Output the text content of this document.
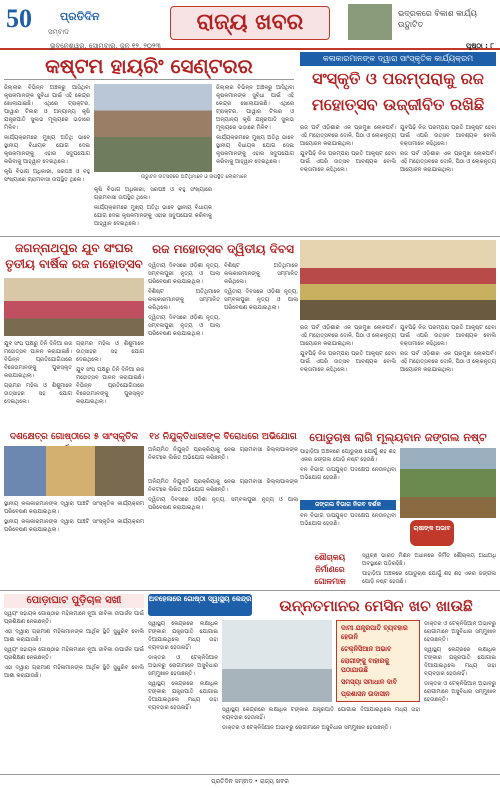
50	ପ୍ରତିଦିନ
ସମ୍ବାଦ	ରାଜ୍ୟ ଖବର	ଭଦ୍ରକରେ ବିକାଶ କାର୍ଯ୍ୟ ଉଦ୍ଘାଟିତ
ଭୁବନେଶ୍ୱର, ସୋମବାର, ଜୁନ ୧୨, ୨୦୨୩	ପୃଷ୍ଠା : ୮
କଷ୍ଟମ ହାୟରିଂ ସେଣ୍ଟରର

ଜିଲ୍ଲାର ବିଭିନ୍ନ ଅଞ୍ଚଳରୁ ଆସିଥିବା କୃଷକମାନଙ୍କ ସୁବିଧା ପାଇଁ ଏହି କେନ୍ଦ୍ର ଖୋଲାଯାଇଛି। ଏଥିରେ ଟ୍ରାକ୍ଟର, ପାୱାର ଟିଲର ଓ ଅନ୍ୟାନ୍ୟ କୃଷି ଯନ୍ତ୍ରପାତି ସୁଲଭ ମୂଲ୍ୟରେ ଭଡ଼ାରେ ମିଳିବ।

କାର୍ଯ୍ୟକ୍ରମରେ ମୁଖ୍ୟ ଅତିଥି ଭାବେ ସ୍ଥାନୀୟ ବିଧାୟକ ଯୋଗ ଦେଇ କୃଷକମାନଙ୍କୁ ଏହାର ସଦୁପଯୋଗ କରିବାକୁ ଆହ୍ୱାନ ଦେଇଥିଲେ।

କୃଷି ବିଭାଗ ଅଧିକାରୀ, ସରପଞ୍ଚ ଓ ବହୁ ସଂଖ୍ୟାରେ ଗ୍ରାମବାସୀ ଉପସ୍ଥିତ ଥିଲେ।	ଉଦ୍ଘାଟନ ଉତ୍ସବରେ ଅତିଥିମାନେ ଓ ଉପସ୍ଥିତ ଲୋକମାନେ

ଜିଲ୍ଲାର ବିଭିନ୍ନ ଅଞ୍ଚଳରୁ ଆସିଥିବା କୃଷକମାନଙ୍କ ସୁବିଧା ପାଇଁ ଏହି କେନ୍ଦ୍ର ଖୋଲାଯାଇଛି। ଏଥିରେ ଟ୍ରାକ୍ଟର, ପାୱାର ଟିଲର ଓ ଅନ୍ୟାନ୍ୟ କୃଷି ଯନ୍ତ୍ରପାତି ସୁଲଭ ମୂଲ୍ୟରେ ଭଡ଼ାରେ ମିଳିବ।

କାର୍ଯ୍ୟକ୍ରମରେ ମୁଖ୍ୟ ଅତିଥି ଭାବେ ସ୍ଥାନୀୟ ବିଧାୟକ ଯୋଗ ଦେଇ କୃଷକମାନଙ୍କୁ ଏହାର ସଦୁପଯୋଗ କରିବାକୁ ଆହ୍ୱାନ ଦେଇଥିଲେ।

କୃଷି ବିଭାଗ ଅଧିକାରୀ, ସରପଞ୍ଚ ଓ ବହୁ ସଂଖ୍ୟାରେ ଗ୍ରାମବାସୀ ଉପସ୍ଥିତ ଥିଲେ।

କାର୍ଯ୍ୟକ୍ରମରେ ମୁଖ୍ୟ ଅତିଥି ଭାବେ ସ୍ଥାନୀୟ ବିଧାୟକ ଯୋଗ ଦେଇ କୃଷକମାନଙ୍କୁ ଏହାର ସଦୁପଯୋଗ କରିବାକୁ ଆହ୍ୱାନ ଦେଇଥିଲେ।

କଳାକାରମାନଙ୍କ ଦ୍ୱାରା ସାଂସ୍କୃତିକ କାର୍ଯ୍ୟକ୍ରମ
ସଂସ୍କୃତି ଓ ପରମ୍ପରାକୁ ରଜ ମହୋତ୍ସବ ଉଜ୍ଜୀବିତ ରଖିଛି

ରଜ ପର୍ବ ଓଡ଼ିଶାର ଏକ ପ୍ରମୁଖ ଲୋକପର୍ବ। ଏହି ମହୋତ୍ସବରେ ଦୋଳି, ପିଠା ଓ ଲୋକନୃତ୍ୟ ଆୟୋଜନ କରାଯାଇଥିଲା।

ଯୁବପିଢ଼ି ନିଜ ପରମ୍ପରା ପ୍ରତି ଆକୃଷ୍ଟ ହେବା ପାଇଁ ଏପରି ଉତ୍ସବ ଆବଶ୍ୟକ ବୋଲି ବକ୍ତାମାନେ କହିଥିଲେ।

ଯୁବପିଢ଼ି ନିଜ ପରମ୍ପରା ପ୍ରତି ଆକୃଷ୍ଟ ହେବା ପାଇଁ ଏପରି ଉତ୍ସବ ଆବଶ୍ୟକ ବୋଲି ବକ୍ତାମାନେ କହିଥିଲେ।

ରଜ ପର୍ବ ଓଡ଼ିଶାର ଏକ ପ୍ରମୁଖ ଲୋକପର୍ବ। ଏହି ମହୋତ୍ସବରେ ଦୋଳି, ପିଠା ଓ ଲୋକନୃତ୍ୟ ଆୟୋଜନ କରାଯାଇଥିଲା।

ଜଗନ୍ନାଥପୁର ଯୁବ ସଂଘର ତୃତୀୟ ବାର୍ଷିକ ରଜ ମହୋତ୍ସବ

ଯୁବ ସଂଘ ପକ୍ଷରୁ ତିନି ଦିନିଆ ରଜ ମହୋତ୍ସବ ପାଳନ କରାଯାଇଛି। ବିଭିନ୍ନ ପ୍ରତିଯୋଗିତାରେ ବିଜେତାମାନଙ୍କୁ ପୁରସ୍କୃତ କରାଯାଇଥିଲା।

ଗ୍ରାମର ମହିଳା ଓ ଶିଶୁମାନେ ଉତ୍ସାହର ସହ ଯୋଗ ଦେଇଥିଲେ।

ଗ୍ରାମର ମହିଳା ଓ ଶିଶୁମାନେ ଉତ୍ସାହର ସହ ଯୋଗ ଦେଇଥିଲେ।

ଯୁବ ସଂଘ ପକ୍ଷରୁ ତିନି ଦିନିଆ ରଜ ମହୋତ୍ସବ ପାଳନ କରାଯାଇଛି। ବିଭିନ୍ନ ପ୍ରତିଯୋଗିତାରେ ବିଜେତାମାନଙ୍କୁ ପୁରସ୍କୃତ କରାଯାଇଥିଲା।

ରଜ ମହୋତ୍ସବ ଦ୍ୱିତୀୟ ଦିବସ

ଦ୍ୱିତୀୟ ଦିବସରେ ଓଡ଼ିଶୀ ନୃତ୍ୟ, ସମ୍ବଲପୁରୀ ନୃତ୍ୟ ଓ ପାଲା ପରିବେଷଣ କରାଯାଇଥିଲା।

ବିଶିଷ୍ଟ ଅତିଥିମାନେ କଳାକାରମାନଙ୍କୁ ସମ୍ମାନିତ କରିଥିଲେ।

ଦ୍ୱିତୀୟ ଦିବସରେ ଓଡ଼ିଶୀ ନୃତ୍ୟ, ସମ୍ବଲପୁରୀ ନୃତ୍ୟ ଓ ପାଲା ପରିବେଷଣ କରାଯାଇଥିଲା।

ବିଶିଷ୍ଟ ଅତିଥିମାନେ କଳାକାରମାନଙ୍କୁ ସମ୍ମାନିତ କରିଥିଲେ।

ଦ୍ୱିତୀୟ ଦିବସରେ ଓଡ଼ିଶୀ ନୃତ୍ୟ, ସମ୍ବଲପୁରୀ ନୃତ୍ୟ ଓ ପାଲା ପରିବେଷଣ କରାଯାଇଥିଲା।

ରଜ ପର୍ବ ଓଡ଼ିଶାର ଏକ ପ୍ରମୁଖ ଲୋକପର୍ବ। ଏହି ମହୋତ୍ସବରେ ଦୋଳି, ପିଠା ଓ ଲୋକନୃତ୍ୟ ଆୟୋଜନ କରାଯାଇଥିଲା।

ଯୁବପିଢ଼ି ନିଜ ପରମ୍ପରା ପ୍ରତି ଆକୃଷ୍ଟ ହେବା ପାଇଁ ଏପରି ଉତ୍ସବ ଆବଶ୍ୟକ ବୋଲି ବକ୍ତାମାନେ କହିଥିଲେ।

ଯୁବପିଢ଼ି ନିଜ ପରମ୍ପରା ପ୍ରତି ଆକୃଷ୍ଟ ହେବା ପାଇଁ ଏପରି ଉତ୍ସବ ଆବଶ୍ୟକ ବୋଲି ବକ୍ତାମାନେ କହିଥିଲେ।

ରଜ ପର୍ବ ଓଡ଼ିଶାର ଏକ ପ୍ରମୁଖ ଲୋକପର୍ବ। ଏହି ମହୋତ୍ସବରେ ଦୋଳି, ପିଠା ଓ ଲୋକନୃତ୍ୟ ଆୟୋଜନ କରାଯାଇଥିଲା।

୧୪ ନିଯୁକ୍ତିଧାରୀଙ୍କ ବିରୋଧରେ ଅଭିଯୋଗ

ଅନିୟମିତ ନିଯୁକ୍ତି ପ୍ରକ୍ରିୟାକୁ ନେଇ ଗ୍ରାମବାସୀ ଜିଲ୍ଲାପାଳଙ୍କ ନିକଟରେ ଲିଖିତ ଅଭିଯୋଗ କରିଛନ୍ତି।

ଦଶକ୍ଷେତ୍ର ଗୋଷ୍ଠୀରେ ୫ ସାଂସ୍କୃତିକ

ସ୍ଥାନୀୟ କଳାକାରମାନଙ୍କ ଦ୍ୱାରା ପାଞ୍ଚଟି ସାଂସ୍କୃତିକ କାର୍ଯ୍ୟକ୍ରମ ପରିବେଷଣ କରାଯାଇଥିଲା।

ସ୍ଥାନୀୟ କଳାକାରମାନଙ୍କ ଦ୍ୱାରା ପାଞ୍ଚଟି ସାଂସ୍କୃତିକ କାର୍ଯ୍ୟକ୍ରମ ପରିବେଷଣ କରାଯାଇଥିଲା।

ଅନିୟମିତ ନିଯୁକ୍ତି ପ୍ରକ୍ରିୟାକୁ ନେଇ ଗ୍ରାମବାସୀ ଜିଲ୍ଲାପାଳଙ୍କ ନିକଟରେ ଲିଖିତ ଅଭିଯୋଗ କରିଛନ୍ତି।

ଦ୍ୱିତୀୟ ଦିବସରେ ଓଡ଼ିଶୀ ନୃତ୍ୟ, ସମ୍ବଲପୁରୀ ନୃତ୍ୟ ଓ ପାଲା ପରିବେଷଣ କରାଯାଇଥିଲା।

ପୋଡୁଚାଷ ଲାଗି ମୂଲ୍ୟବାନ ଜଙ୍ଗଲ ନଷ୍ଟ

ପାହାଡ଼ିଆ ଅଞ୍ଚଳରେ ପୋଡୁଚାଷ ଯୋଗୁଁ ଶହ ଶହ ଏକର ଜଙ୍ଗଲ ପୋଡ଼ି ନଷ୍ଟ ହେଉଛି।

ବନ ବିଭାଗ ଉପଯୁକ୍ତ ପଦକ୍ଷେପ ନେଉନଥିବା ଅଭିଯୋଗ ହେଉଛି।

ଜଙ୍ଗଲ ବିଭାଗ ନିରବ ଦର୍ଶକ

ବନ ବିଭାଗ ଉପଯୁକ୍ତ ପଦକ୍ଷେପ ନେଉନଥିବା ଅଭିଯୋଗ ହେଉଛି।

ଚାଷୀଙ୍କ ଅଭାବ
ଶୌଚାଳୟ ନିର୍ମାଣରେ ଗୋଳମାଳ

ସ୍ୱଚ୍ଛ ଭାରତ ମିଶନ ଅଧୀନରେ ନିର୍ମିତ ଶୌଚାଳୟ ଅଧାଅଧି ଅବସ୍ଥାରେ ପଡ଼ିରହିଛି।

ପାହାଡ଼ିଆ ଅଞ୍ଚଳରେ ପୋଡୁଚାଷ ଯୋଗୁଁ ଶହ ଶହ ଏକର ଜଙ୍ଗଲ ପୋଡ଼ି ନଷ୍ଟ ହେଉଛି।

ପୋଡ଼ାଘାଟ ପୁଡ଼ିଚାଳ ସଖୀ

ସ୍ୱୟଂ ସହାୟକ ଗୋଷ୍ଠୀର ମହିଳାମାନେ ନୂଆ ଜୀବିକା ଉପାର୍ଜନ ପାଇଁ ପ୍ରଶିକ୍ଷଣ ନେଇଛନ୍ତି।

ଏହା ଦ୍ୱାରା ଗ୍ରାମୀଣ ମହିଳାମାନଙ୍କ ଆର୍ଥିକ ସ୍ଥିତି ସୁଧୁରିବ ବୋଲି ଆଶା କରାଯାଉଛି।

ସ୍ୱୟଂ ସହାୟକ ଗୋଷ୍ଠୀର ମହିଳାମାନେ ନୂଆ ଜୀବିକା ଉପାର୍ଜନ ପାଇଁ ପ୍ରଶିକ୍ଷଣ ନେଇଛନ୍ତି।

ଏହା ଦ୍ୱାରା ଗ୍ରାମୀଣ ମହିଳାମାନଙ୍କ ଆର୍ଥିକ ସ୍ଥିତି ସୁଧୁରିବ ବୋଲି ଆଶା କରାଯାଉଛି।

ଅବହେଳାରେ ଗୋଷ୍ଠୀ ସ୍ୱାସ୍ଥ୍ୟ କେନ୍ଦ୍ର	ଉନ୍ନତମାନର ମେସିନ ଖଚ ଖାଉଛି

ସ୍ୱାସ୍ଥ୍ୟ କେନ୍ଦ୍ରରେ ଲକ୍ଷାଧିକ ଟଙ୍କାର ଯନ୍ତ୍ରପାତି ଯୋଗାଇ ଦିଆଯାଇଥିଲେ ମଧ୍ୟ ତାହା ବ୍ୟବହାର ହେଉନାହିଁ।

ଡାକ୍ତର ଓ ଟେକ୍ନିସିଆନ ଅଭାବରୁ ରୋଗୀମାନେ ଅସୁବିଧାର ସମ୍ମୁଖୀନ ହେଉଛନ୍ତି।

ସ୍ୱାସ୍ଥ୍ୟ କେନ୍ଦ୍ରରେ ଲକ୍ଷାଧିକ ଟଙ୍କାର ଯନ୍ତ୍ରପାତି ଯୋଗାଇ ଦିଆଯାଇଥିଲେ ମଧ୍ୟ ତାହା ବ୍ୟବହାର ହେଉନାହିଁ।

ଦାମୀ ଯନ୍ତ୍ରପାତି ବ୍ୟବହାର ହେଉନି
ଟେକ୍ନିସିଆନ ଅଭାବ
ରୋଗୀଙ୍କୁ ବାହାରକୁ ପଠାଯାଉଛି
ସମସ୍ୟା ସମାଧାନ ଦାବି
ପ୍ରଶାସନ ଉଦାସୀନ

ଡାକ୍ତର ଓ ଟେକ୍ନିସିଆନ ଅଭାବରୁ ରୋଗୀମାନେ ଅସୁବିଧାର ସମ୍ମୁଖୀନ ହେଉଛନ୍ତି।

ସ୍ୱାସ୍ଥ୍ୟ କେନ୍ଦ୍ରରେ ଲକ୍ଷାଧିକ ଟଙ୍କାର ଯନ୍ତ୍ରପାତି ଯୋଗାଇ ଦିଆଯାଇଥିଲେ ମଧ୍ୟ ତାହା ବ୍ୟବହାର ହେଉନାହିଁ।

ଡାକ୍ତର ଓ ଟେକ୍ନିସିଆନ ଅଭାବରୁ ରୋଗୀମାନେ ଅସୁବିଧାର ସମ୍ମୁଖୀନ ହେଉଛନ୍ତି।

ସ୍ୱାସ୍ଥ୍ୟ କେନ୍ଦ୍ରରେ ଲକ୍ଷାଧିକ ଟଙ୍କାର ଯନ୍ତ୍ରପାତି ଯୋଗାଇ ଦିଆଯାଇଥିଲେ ମଧ୍ୟ ତାହା ବ୍ୟବହାର ହେଉନାହିଁ।

ଡାକ୍ତର ଓ ଟେକ୍ନିସିଆନ ଅଭାବରୁ ରୋଗୀମାନେ ଅସୁବିଧାର ସମ୍ମୁଖୀନ ହେଉଛନ୍ତି।

ପ୍ରତିଦିନ ସମ୍ବାଦ • ରାଜ୍ୟ ଖବର
